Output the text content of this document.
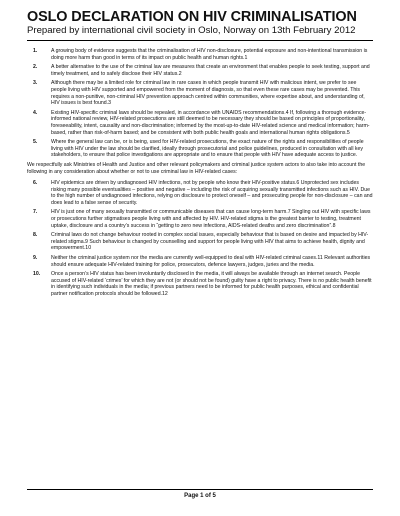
OSLO DECLARATION ON HIV CRIMINALISATION
Prepared by international civil society in Oslo, Norway on 13th February 2012
1.	A growing body of evidence suggests that the criminalisation of HIV non-disclosure, potential exposure and non-intentional transmission is doing more harm than good in terms of its impact on public health and human rights.1
2.	A better alternative to the use of the criminal law are measures that create an environment that enables people to seek testing, support and timely treatment, and to safely disclose their HIV status.2
3.	Although there may be a limited role for criminal law in rare cases in which people transmit HIV with malicious intent, we prefer to see people living with HIV supported and empowered from the moment of diagnosis, so that even these rare cases may be prevented. This requires a non-punitive, non-criminal HIV prevention approach centred within communities, where expertise about, and understanding of, HIV issues is best found.3
4.	Existing HIV-specific criminal laws should be repealed, in accordance with UNAIDS recommendations.4 If, following a thorough evidence-informed national review, HIV-related prosecutions are still deemed to be necessary they should be based on principles of proportionality, foreseeability, intent, causality and non-discrimination; informed by the most-up-to-date HIV-related science and medical information; harm-based, rather than risk-of-harm based; and be consistent with both public health goals and international human rights obligations.5
5.	Where the general law can be, or is being, used for HIV-related prosecutions, the exact nature of the rights and responsibilities of people living with HIV under the law should be clarified, ideally through prosecutorial and police guidelines, produced in consultation with all key stakeholders, to ensure that police investigations are appropriate and to ensure that people with HIV have adequate access to justice.
We respectfully ask Ministries of Health and Justice and other relevant policymakers and criminal justice system actors to also take into account the following in any consideration about whether or not to use criminal law in HIV-related cases:
6.	HIV epidemics are driven by undiagnosed HIV infections, not by people who know their HIV-positive status.6 Unprotected sex includes risking many possible eventualities – positive and negative – including the risk of acquiring sexually transmitted infections such as HIV. Due to the high number of undiagnosed infections, relying on disclosure to protect oneself – and prosecuting people for non-disclosure – can and does lead to a false sense of security.
7.	HIV is just one of many sexually transmitted or communicable diseases that can cause long-term harm.7 Singling out HIV with specific laws or prosecutions further stigmatises people living with and affected by HIV. HIV-related stigma is the greatest barrier to testing, treatment uptake, disclosure and a country’s success in “getting to zero new infections, AIDS-related deaths and zero discrimination”.8
8.	Criminal laws do not change behaviour rooted in complex social issues, especially behaviour that is based on desire and impacted by HIV-related stigma.9 Such behaviour is changed by counselling and support for people living with HIV that aims to achieve health, dignity and empowerment.10
9.	Neither the criminal justice system nor the media are currently well-equipped to deal with HIV-related criminal cases.11 Relevant authorities should ensure adequate HIV-related training for police, prosecutors, defence lawyers, judges, juries and the media.
10.	Once a person’s HIV status has been involuntarily disclosed in the media, it will always be available through an internet search. People accused of HIV-related ‘crimes’ for which they are not (or should not be found) guilty have a right to privacy. There is no public health benefit in identifying such individuals in the media; if previous partners need to be informed for public health purposes, ethical and confidential partner notification protocols should be followed.12
Page 1 of 5
